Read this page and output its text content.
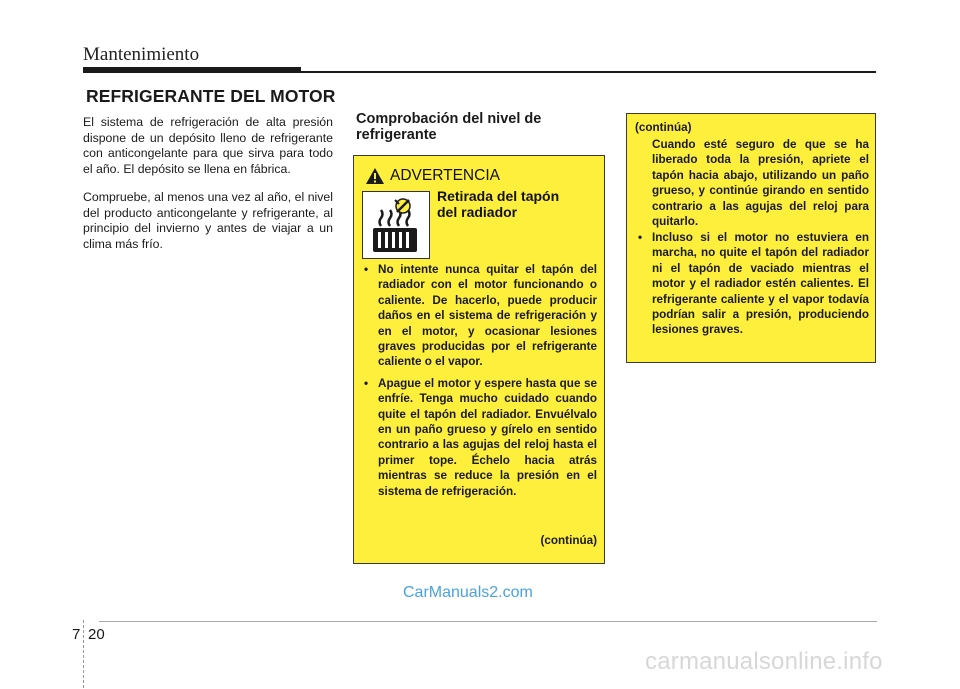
Mantenimiento
REFRIGERANTE DEL MOTOR

El sistema de refrigeración de alta presión dispone de un depósito lleno de refrigerante con anticongelante para que sirva para todo el año. El depósito se llena en fábrica.

Compruebe, al menos una vez al año, el nivel del producto anticongelante y refrigerante, al principio del invierno y antes de viajar a un clima más frío.

Comprobación del nivel de refrigerante
ADVERTENCIA
Retirada del tapón
del radiador
• No intente nunca quitar el tapón del radiador con el motor funcionando o caliente. De hacerlo, puede producir daños en el sistema de refrigeración y en el motor, y ocasionar lesiones graves producidas por el refrigerante caliente o el vapor.
• Apague el motor y espere hasta que se enfríe. Tenga mucho cuidado cuando quite el tapón del radiador. Envuélvalo en un paño grueso y gírelo en sentido contrario a las agujas del reloj hasta el primer tope. Échelo hacia atrás mientras se reduce la presión en el sistema de refrigeración.
(continúa)
(continúa)

Cuando esté seguro de que se ha liberado toda la presión, apriete el tapón hacia abajo, utilizando un paño grueso, y continúe girando en sentido contrario a las agujas del reloj para quitarlo.

• Incluso si el motor no estuviera en marcha, no quite el tapón del radiador ni el tapón de vaciado mientras el motor y el radiador estén calientes. El refrigerante caliente y el vapor todavía podrían salir a presión, produciendo lesiones graves.
CarManuals2.com
7 20
carmanualsonline.info
